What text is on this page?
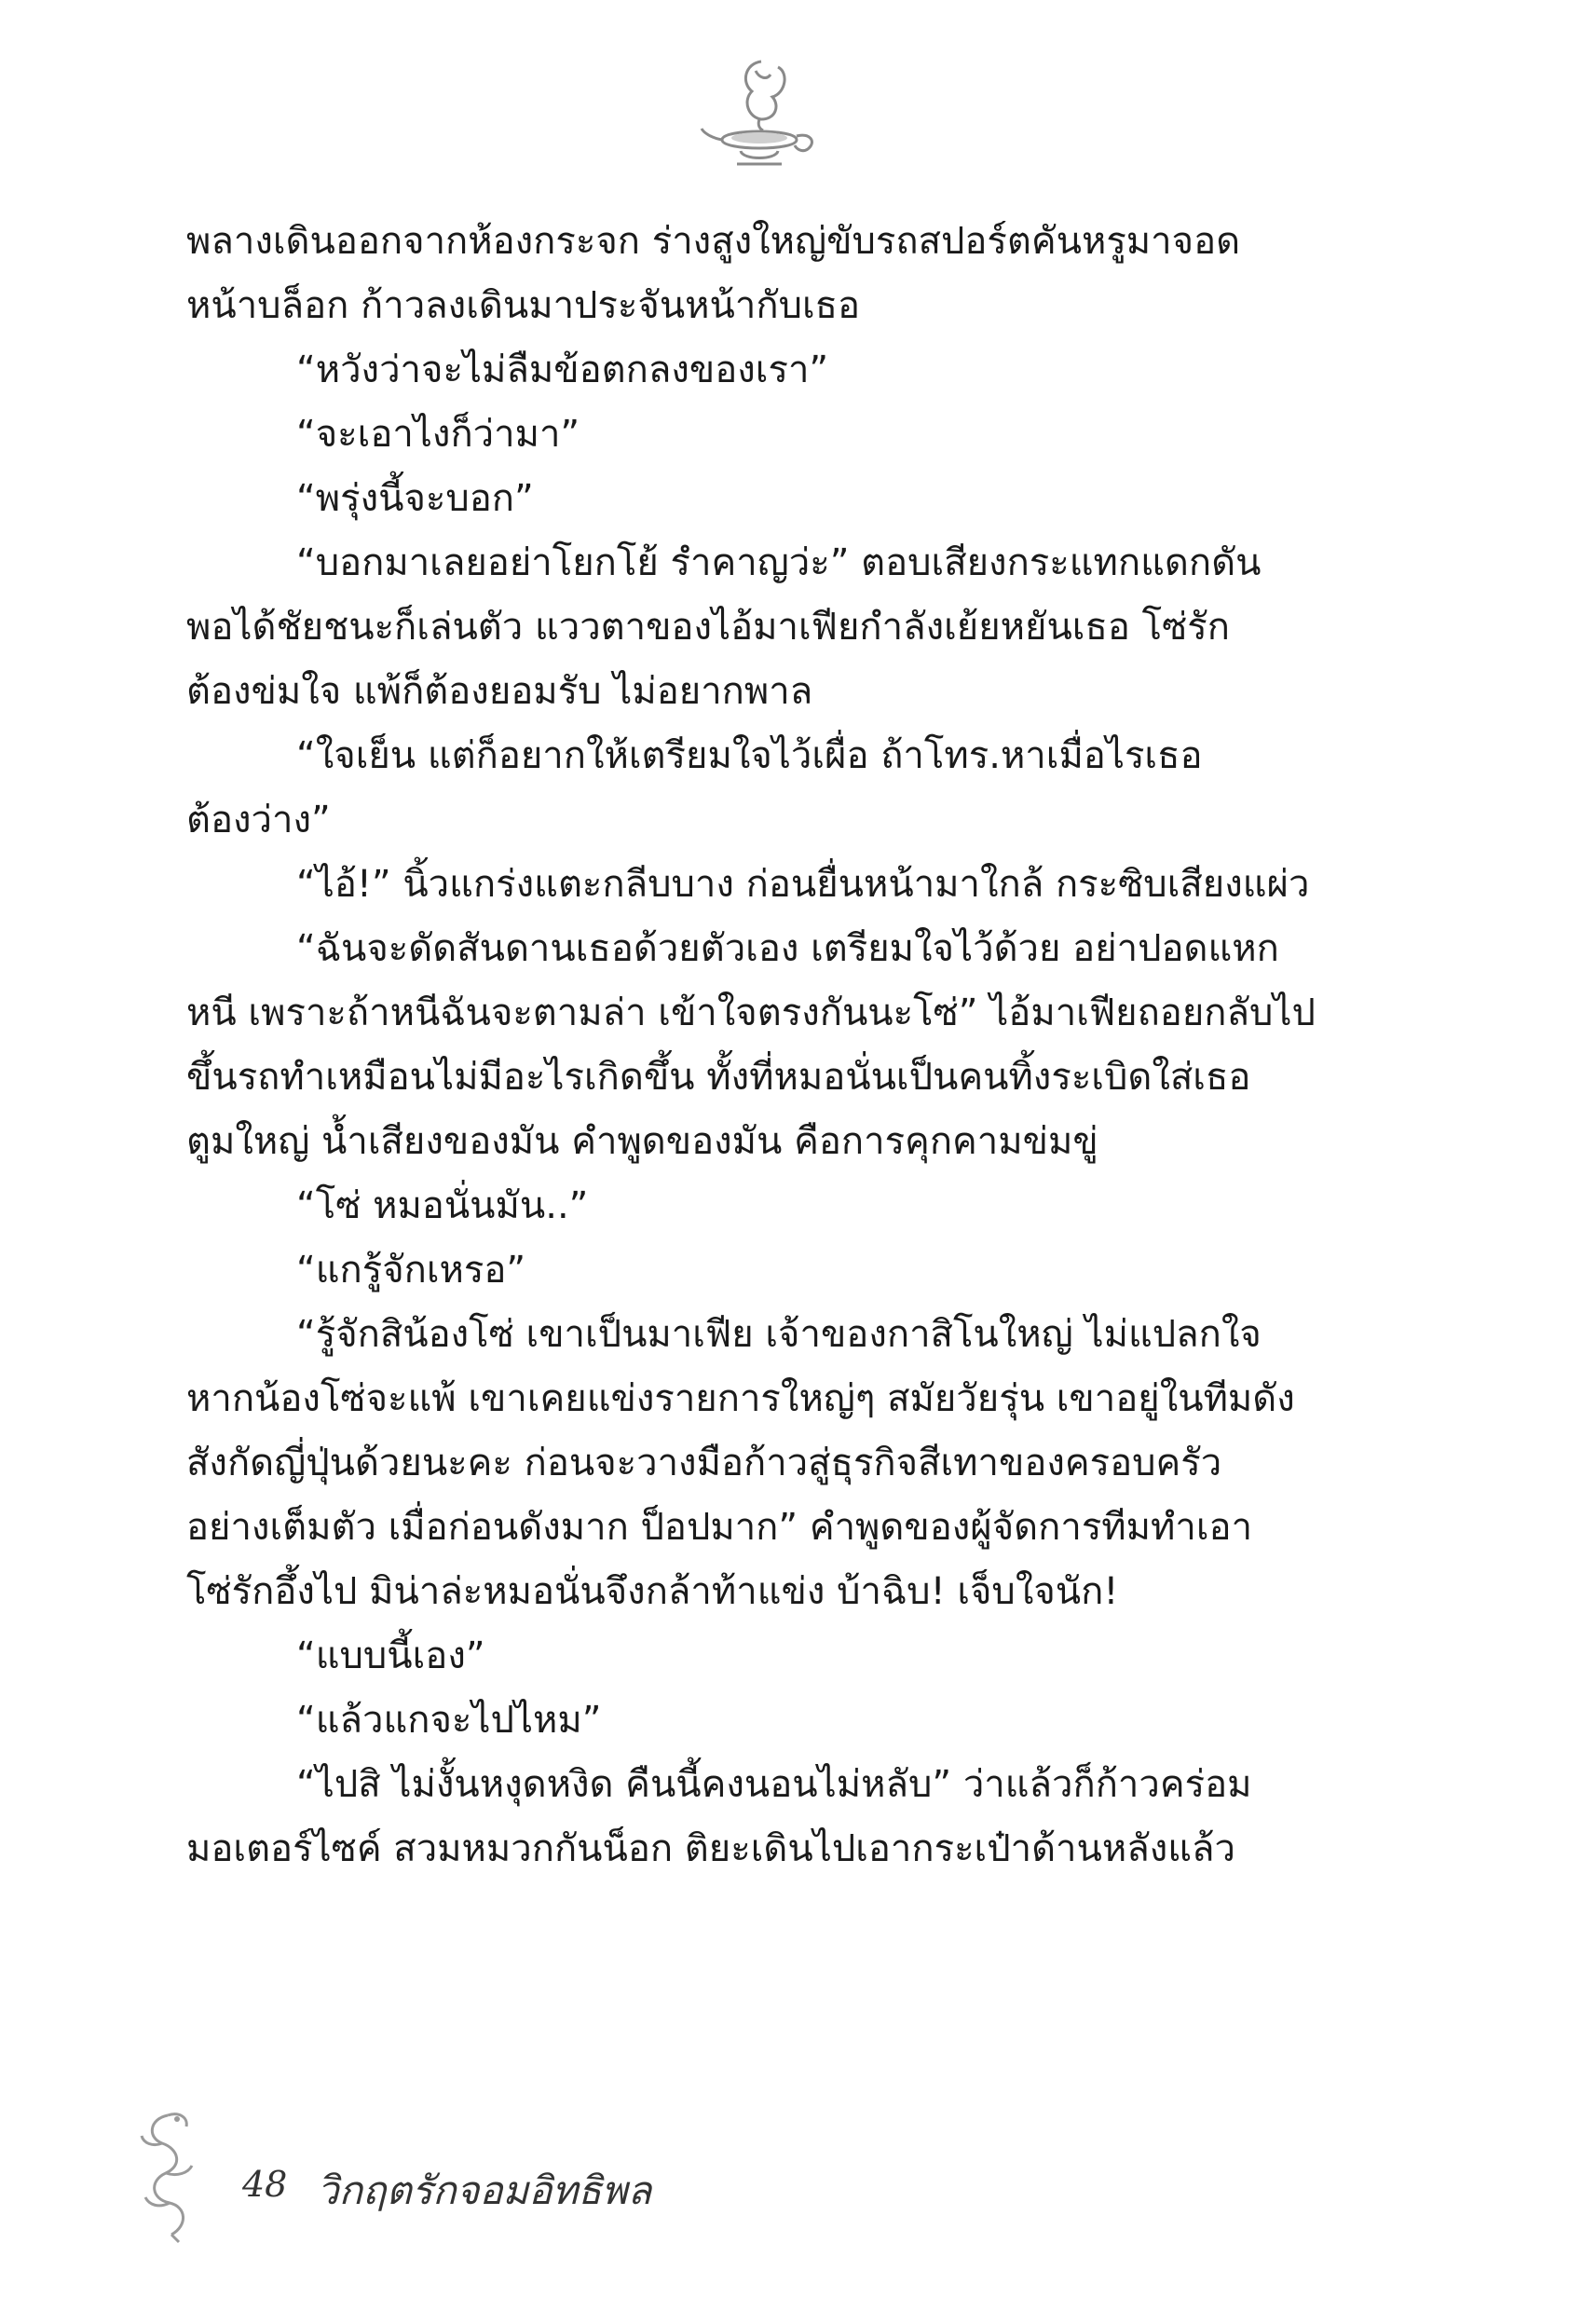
พลางเดินออกจากห้องกระจก ร่างสูงใหญ่ขับรถสปอร์ตคันหรูมาจอด

หน้าบล็อก ก้าวลงเดินมาประจันหน้ากับเธอ

“หวังว่าจะไม่ลืมข้อตกลงของเรา”

“จะเอาไงก็ว่ามา”

“พรุ่งนี้จะบอก”

“บอกมาเลยอย่าโยกโย้ รำคาญว่ะ” ตอบเสียงกระแทกแดกดัน

พอได้ชัยชนะก็เล่นตัว แววตาของไอ้มาเฟียกำลังเย้ยหยันเธอ โซ่รัก

ต้องข่มใจ แพ้ก็ต้องยอมรับ ไม่อยากพาล

“ใจเย็น แต่ก็อยากให้เตรียมใจไว้เผื่อ ถ้าโทร.หาเมื่อไรเธอ

ต้องว่าง”

“ไอ้!” นิ้วแกร่งแตะกลีบบาง ก่อนยื่นหน้ามาใกล้ กระซิบเสียงแผ่ว

“ฉันจะดัดสันดานเธอด้วยตัวเอง เตรียมใจไว้ด้วย อย่าปอดแหก

หนี เพราะถ้าหนีฉันจะตามล่า เข้าใจตรงกันนะโซ่” ไอ้มาเฟียถอยกลับไป

ขึ้นรถทำเหมือนไม่มีอะไรเกิดขึ้น ทั้งที่หมอนั่นเป็นคนทิ้งระเบิดใส่เธอ

ตูมใหญ่ น้ำเสียงของมัน คำพูดของมัน คือการคุกคามข่มขู่

“โซ่ หมอนั่นมัน..”

“แกรู้จักเหรอ”

“รู้จักสิน้องโซ่ เขาเป็นมาเฟีย เจ้าของกาสิโนใหญ่ ไม่แปลกใจ

หากน้องโซ่จะแพ้ เขาเคยแข่งรายการใหญ่ๆ สมัยวัยรุ่น เขาอยู่ในทีมดัง

สังกัดญี่ปุ่นด้วยนะคะ ก่อนจะวางมือก้าวสู่ธุรกิจสีเทาของครอบครัว

อย่างเต็มตัว เมื่อก่อนดังมาก ป็อปมาก” คำพูดของผู้จัดการทีมทำเอา

โซ่รักอึ้งไป มิน่าล่ะหมอนั่นจึงกล้าท้าแข่ง บ้าฉิบ! เจ็บใจนัก!

“แบบนี้เอง”

“แล้วแกจะไปไหม”

“ไปสิ ไม่งั้นหงุดหงิด คืนนี้คงนอนไม่หลับ” ว่าแล้วก็ก้าวคร่อม

มอเตอร์ไซค์ สวมหมวกกันน็อก ติยะเดินไปเอากระเป๋าด้านหลังแล้ว

48 วิกฤตรักจอมอิทธิพล
